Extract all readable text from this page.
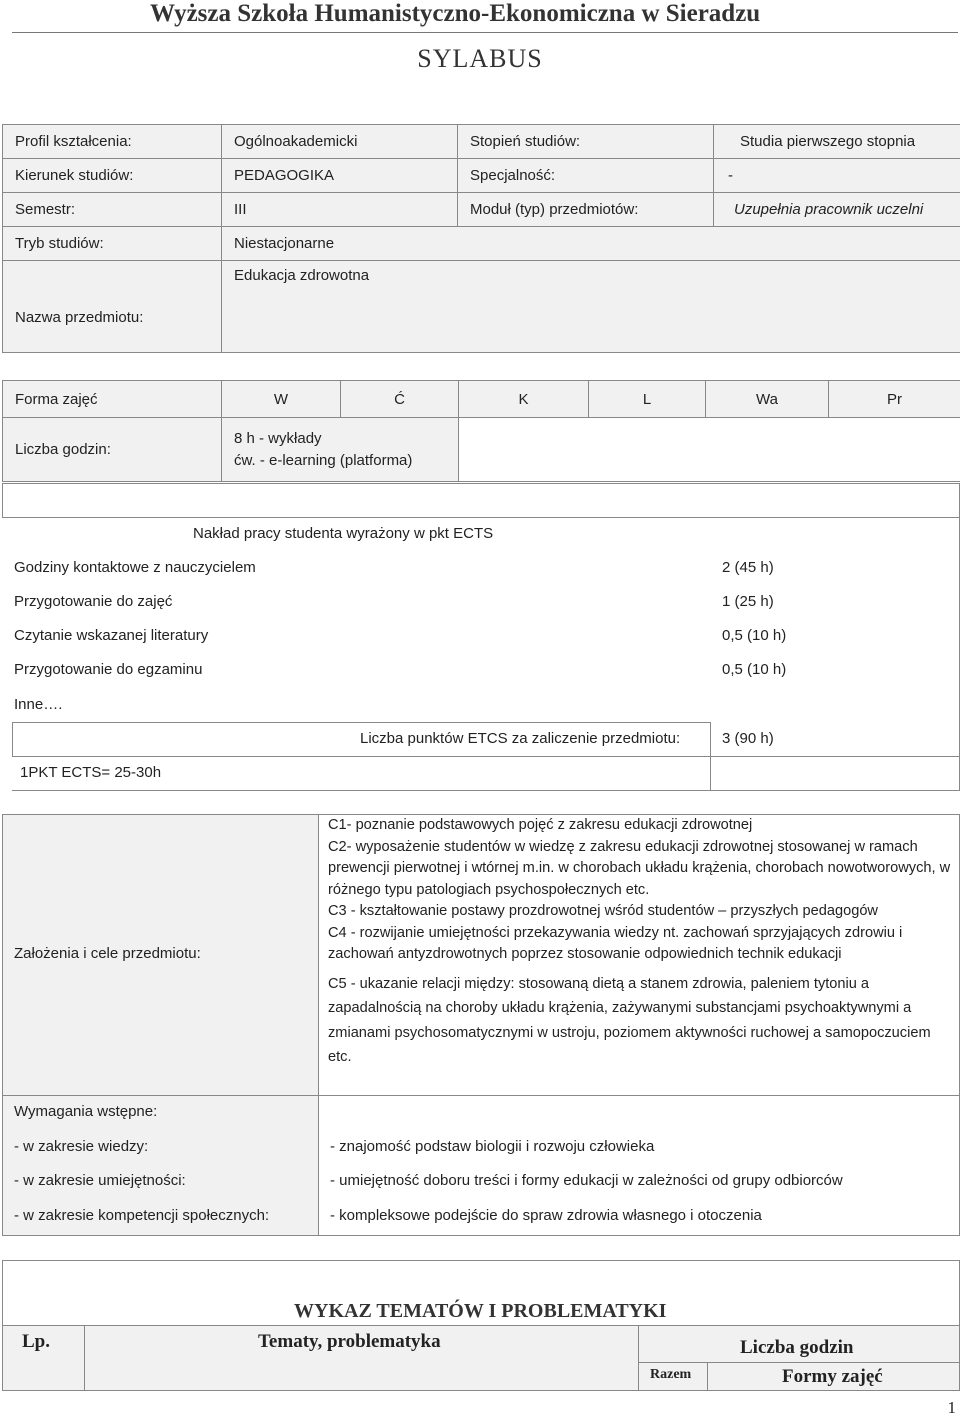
Wyższa Szkoła Humanistyczno-Ekonomiczna w Sieradzu
SYLABUS
Profil kształcenia:	Ogólnoakademicki	Stopień studiów:	Studia pierwszego stopnia
Kierunek studiów:	PEDAGOGIKA	Specjalność:	-
Semestr:	III	Moduł (typ) przedmiotów:	Uzupełnia pracownik uczelni
Tryb studiów:	Niestacjonarne		
Nazwa przedmiotu:	Edukacja zdrowotna		
Forma zajęć	W	Ć	K	L	Wa	Pr
Liczba godzin:	8 h - wykłady
ćw. - e-learning (platforma)					

Nakład pracy studenta wyrażony w pkt ECTS
Godziny kontaktowe z nauczycielem	2 (45 h)
Przygotowanie do zajęć	1 (25 h)
Czytanie wskazanej literatury	0,5 (10 h)
Przygotowanie do egzaminu	0,5 (10 h)
Inne….
Liczba punktów ETCS za zaliczenie przedmiotu:	3 (90 h)
1PKT ECTS= 25-30h
Założenia i cele przedmiotu:

C1- poznanie podstawowych pojęć z zakresu edukacji zdrowotnej

C2- wyposażenie studentów w wiedzę z zakresu edukacji zdrowotnej stosowanej w ramach prewencji pierwotnej i wtórnej m.in. w chorobach układu krążenia, chorobach nowotworowych, w różnego typu patologiach psychospołecznych etc.

C3 - kształtowanie postawy prozdrowotnej wśród studentów – przyszłych pedagogów

C4 - rozwijanie umiejętności przekazywania wiedzy nt. zachowań sprzyjających zdrowiu i zachowań antyzdrowotnych poprzez stosowanie odpowiednich technik edukacji

C5 - ukazanie relacji między: stosowaną dietą a stanem zdrowia, paleniem tytoniu a zapadalnością na choroby układu krążenia, zażywanymi substancjami psychoaktywnymi a zmianami psychosomatycznymi w ustroju, poziomem aktywności ruchowej a samopoczuciem etc.

Wymagania wstępne:
- w zakresie wiedzy:	- znajomość podstaw biologii i rozwoju człowieka
- w zakresie umiejętności:	- umiejętność doboru treści i formy edukacji w zależności od grupy odbiorców
- w zakresie kompetencji społecznych:	- kompleksowe podejście do spraw zdrowia własnego i otoczenia
WYKAZ TEMATÓW I PROBLEMATYKI
Lp.	Tematy, problematyka	Liczba godzin
Razem	Formy zajęć
1
